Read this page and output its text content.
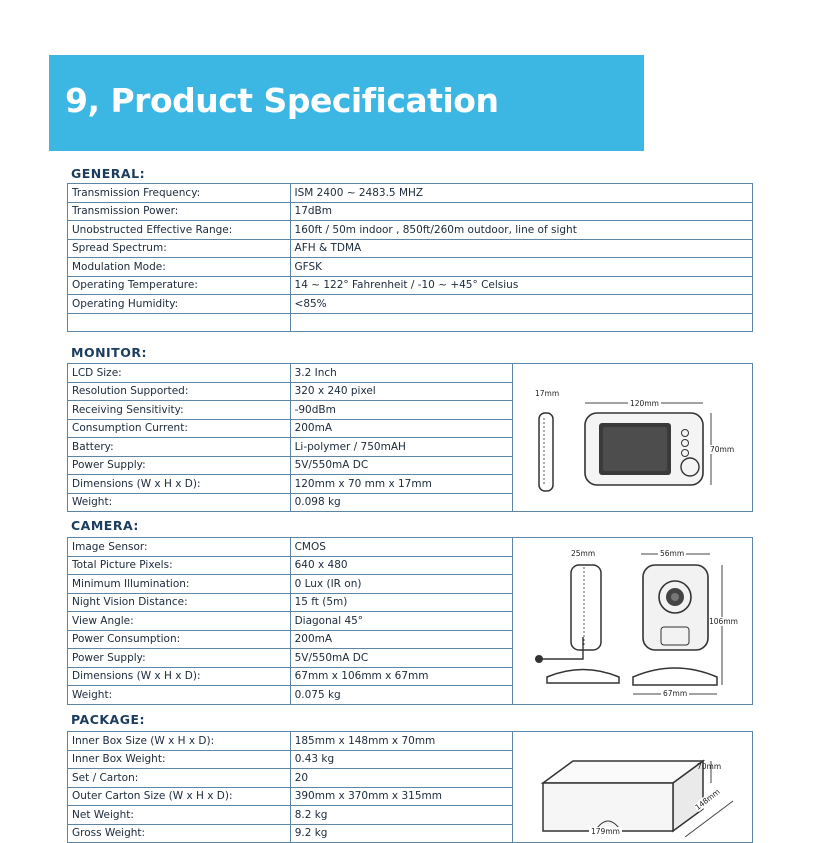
9, Product Specification
GENERAL:
Transmission Frequency:	ISM 2400 ~ 2483.5 MHZ
Transmission Power:	17dBm
Unobstructed Effective Range:	160ft / 50m indoor , 850ft/260m outdoor, line of sight
Spread Spectrum:	AFH & TDMA
Modulation Mode:	GFSK
Operating Temperature:	14 ~ 122° Fahrenheit / -10 ~ +45° Celsius
Operating Humidity:	<85%

MONITOR:
LCD Size:	3.2 Inch	
Resolution Supported:	320 x 240 pixel	
Receiving Sensitivity:	-90dBm	
Consumption Current:	200mA	
Battery:	Li-polymer / 750mAH	
Power Supply:	5V/550mA DC	
Dimensions (W x H x D):	120mm x 70 mm x 17mm	
Weight:	0.098 kg	
CAMERA:
Image Sensor:	CMOS	
Total Picture Pixels:	640 x 480	
Minimum Illumination:	0 Lux (IR on)	
Night Vision Distance:	15 ft (5m)	
View Angle:	Diagonal 45°	
Power Consumption:	200mA	
Power Supply:	5V/550mA DC	
Dimensions (W x H x D):	67mm x 106mm x 67mm	
Weight:	0.075 kg	
PACKAGE:
Inner Box Size (W x H x D):	185mm x 148mm x 70mm	
Inner Box Weight:	0.43 kg	
Set / Carton:	20	
Outer Carton Size (W x H x D):	390mm x 370mm x 315mm	
Net Weight:	8.2 kg	
Gross Weight:	9.2 kg	
17mm
120mm
70mm
25mm	56mm
106mm
67mm
70mm
148mm
179mm
